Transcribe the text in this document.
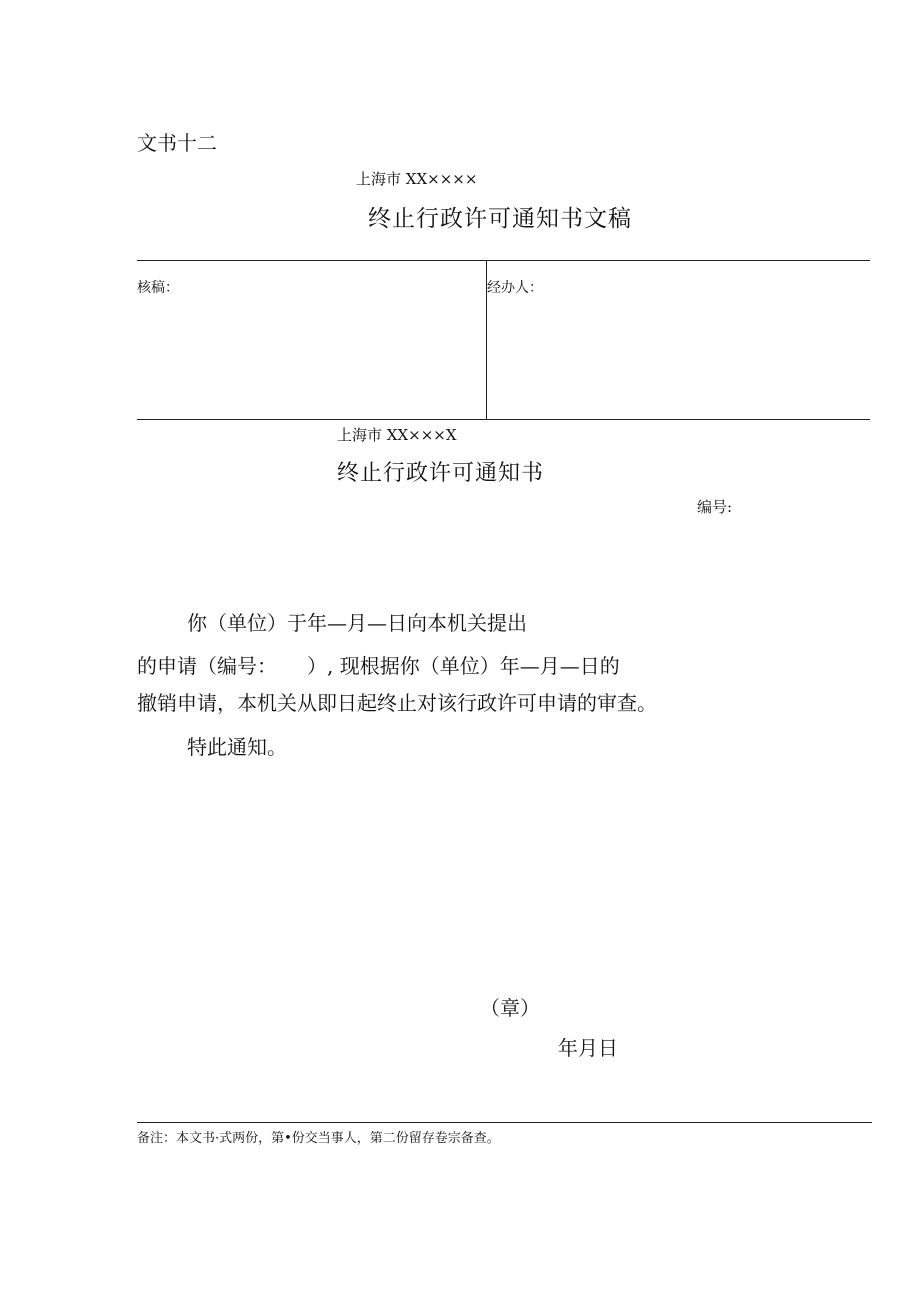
文书十二
上海市 XX××××
终止行政许可通知书文稿
核稿：	经办人：
上海市 XX×××X
终止行政许可通知书
编号:
你（单位）于年—月—日向本机关提出
的申请（编号：　　）, 现根据你（单位）年—月—日的
撤销申请，本机关从即日起终止对该行政许可申请的审查。
特此通知。
（章）
年月日
备注：本文书·式两份，第•份交当事人，第二份留存卷宗备查。
